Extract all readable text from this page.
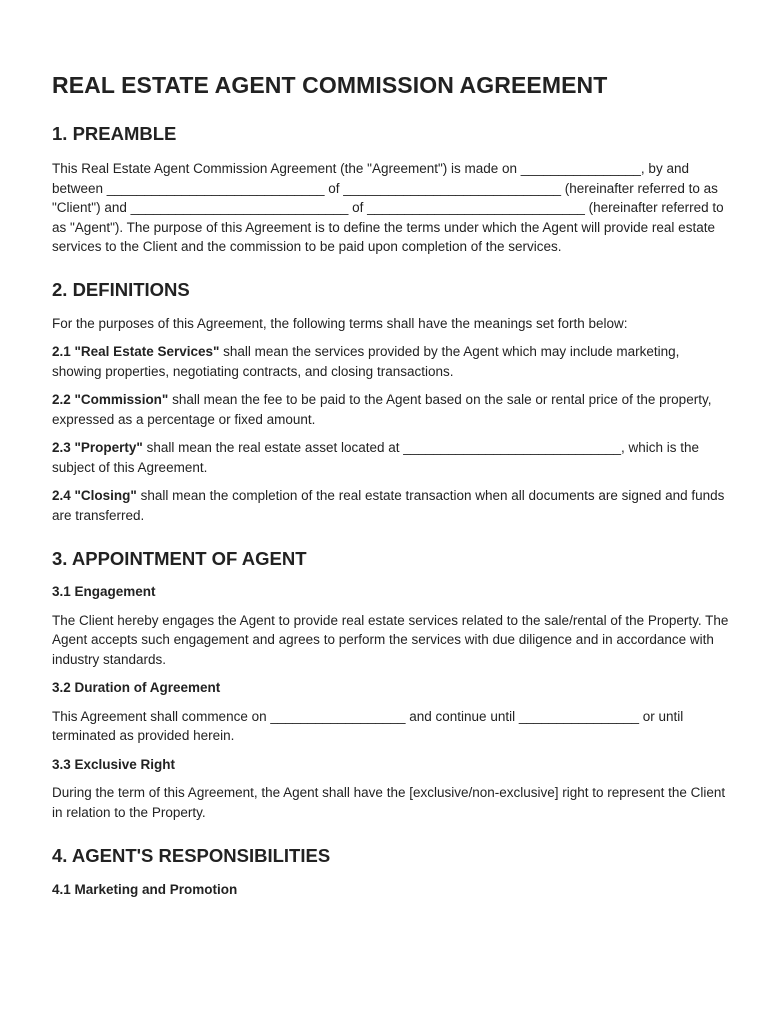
REAL ESTATE AGENT COMMISSION AGREEMENT
1. PREAMBLE

This Real Estate Agent Commission Agreement (the "Agreement") is made on ________________, by and between _____________________________ of _____________________________ (hereinafter referred to as "Client") and _____________________________ of _____________________________ (hereinafter referred to as "Agent"). The purpose of this Agreement is to define the terms under which the Agent will provide real estate services to the Client and the commission to be paid upon completion of the services.

2. DEFINITIONS

For the purposes of this Agreement, the following terms shall have the meanings set forth below:

2.1 "Real Estate Services" shall mean the services provided by the Agent which may include marketing, showing properties, negotiating contracts, and closing transactions.

2.2 "Commission" shall mean the fee to be paid to the Agent based on the sale or rental price of the property, expressed as a percentage or fixed amount.

2.3 "Property" shall mean the real estate asset located at _____________________________, which is the subject of this Agreement.

2.4 "Closing" shall mean the completion of the real estate transaction when all documents are signed and funds are transferred.

3. APPOINTMENT OF AGENT
3.1 Engagement

The Client hereby engages the Agent to provide real estate services related to the sale/rental of the Property. The Agent accepts such engagement and agrees to perform the services with due diligence and in accordance with industry standards.

3.2 Duration of Agreement

This Agreement shall commence on __________________ and continue until ________________ or until terminated as provided herein.

3.3 Exclusive Right

During the term of this Agreement, the Agent shall have the [exclusive/non-exclusive] right to represent the Client in relation to the Property.

4. AGENT'S RESPONSIBILITIES
4.1 Marketing and Promotion
